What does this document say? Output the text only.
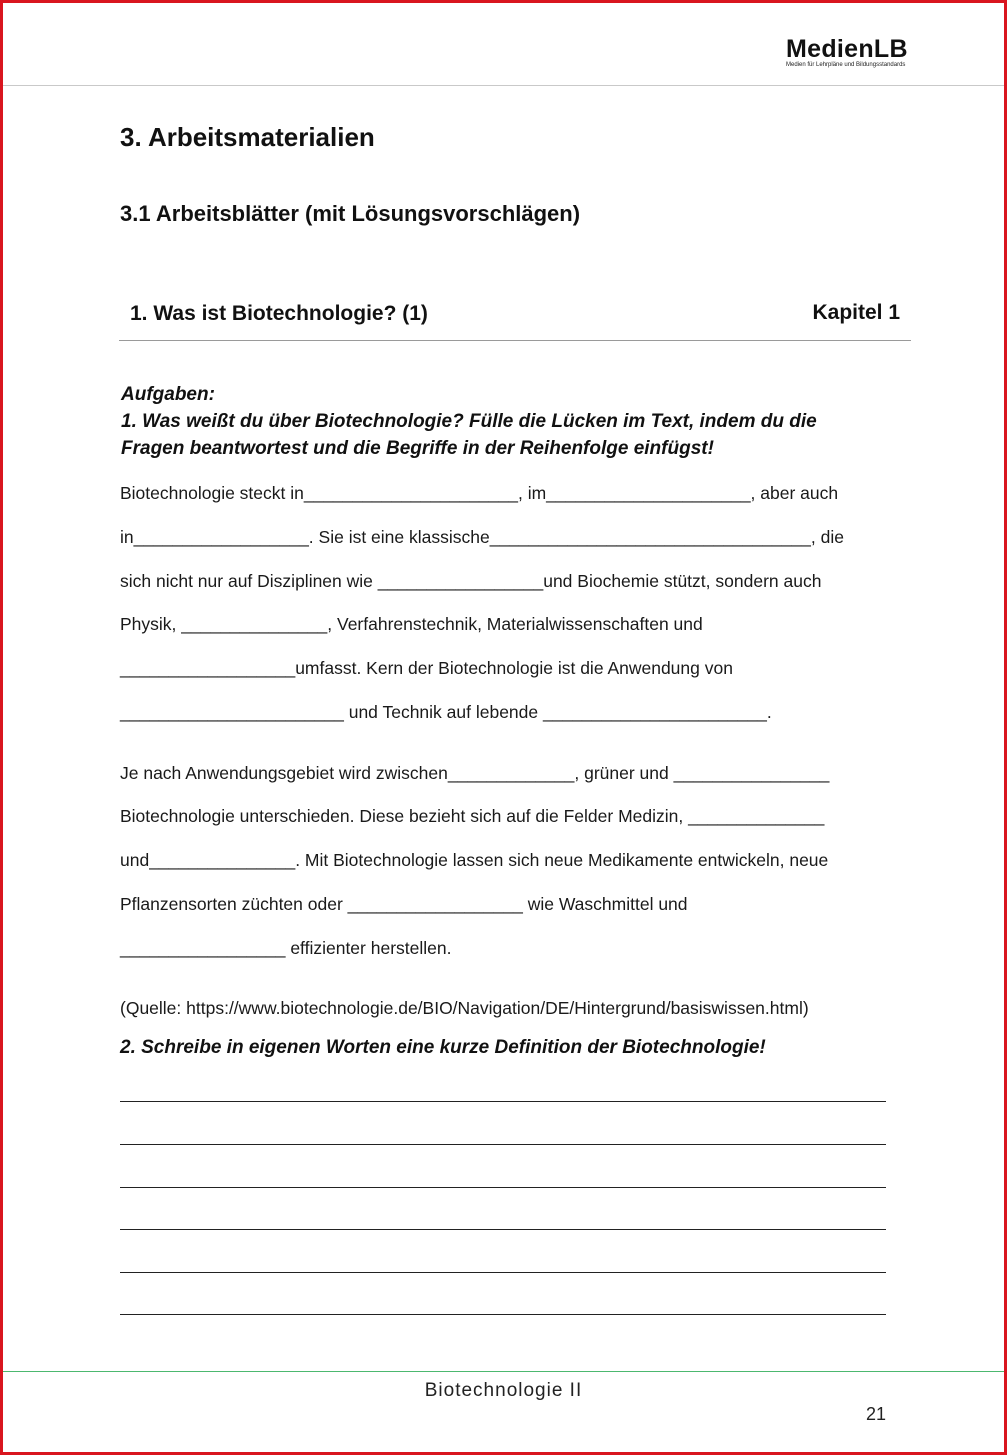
MedienLB
Medien für Lehrpläne und Bildungsstandards
3. Arbeitsmaterialien
3.1 Arbeitsblätter (mit Lösungsvorschlägen)
1. Was ist Biotechnologie? (1)	Kapitel 1
Aufgaben:
1. Was weißt du über Biotechnologie? Fülle die Lücken im Text, indem du die
Fragen beantwortest und die Begriffe in der Reihenfolge einfügst!
Biotechnologie steckt in______________________, im_____________________, aber auch
in__________________. Sie ist eine klassische_________________________________, die
sich nicht nur auf Disziplinen wie _________________und Biochemie stützt, sondern auch
Physik, _______________, Verfahrenstechnik, Materialwissenschaften und
__________________umfasst. Kern der Biotechnologie ist die Anwendung von
_______________________ und Technik auf lebende _______________________.
Je nach Anwendungsgebiet wird zwischen_____________, grüner und ________________
Biotechnologie unterschieden. Diese bezieht sich auf die Felder Medizin, ______________
und_______________. Mit Biotechnologie lassen sich neue Medikamente entwickeln, neue
Pflanzensorten züchten oder __________________ wie Waschmittel und
_________________ effizienter herstellen.
(Quelle: https://www.biotechnologie.de/BIO/Navigation/DE/Hintergrund/basiswissen.html)
2. Schreibe in eigenen Worten eine kurze Definition der Biotechnologie!
Biotechnologie II
21
